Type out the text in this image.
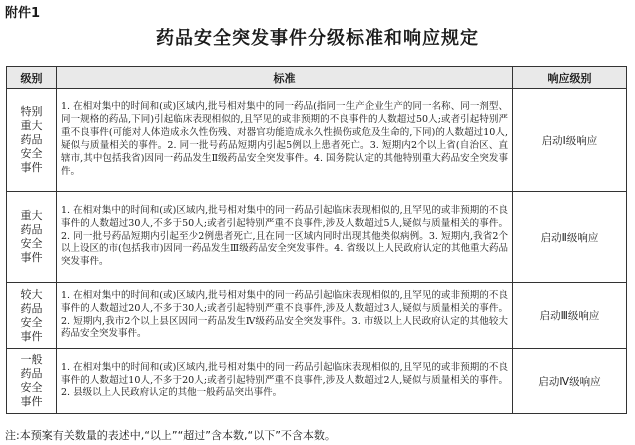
附件1
药品安全突发事件分级标准和响应规定
级别	标准	响应级别
特别重大药品安全事件	1. 在相对集中的时间和(或)区域内,批号相对集中的同一药品(指同一生产企业生产的同一名称、同一剂型、同一规格的药品,下同)引起临床表现相似的,且罕见的或非预期的不良事件的人数超过50人;或者引起特别严重不良事件(可能对人体造成永久性伤残、对器官功能造成永久性损伤或危及生命的,下同)的人数超过10人,疑似与质量相关的事件。2. 同一批号药品短期内引起5例以上患者死亡。3. 短期内2个以上省(自治区、直辖市,其中包括我省)因同一药品发生Ⅱ级药品安全突发事件。4. 国务院认定的其他特别重大药品安全突发事件。	启动Ⅰ级响应
重大药品安全事件	1. 在相对集中的时间和(或)区域内,批号相对集中的同一药品引起临床表现相似的,且罕见的或非预期的不良事件的人数超过30人,不多于50人;或者引起特别严重不良事件,涉及人数超过5人,疑似与质量相关的事件。2. 同一批号药品短期内引起至少2例患者死亡,且在同一区域内同时出现其他类似病例。3. 短期内,我省2个以上设区的市(包括我市)因同一药品发生Ⅲ级药品安全突发事件。4. 省级以上人民政府认定的其他重大药品突发事件。	启动Ⅱ级响应
较大药品安全事件	1. 在相对集中的时间和(或)区域内,批号相对集中的同一药品引起临床表现相似的,且罕见的或非预期的不良事件的人数超过20人,不多于30人;或者引起特别严重不良事件,涉及人数超过3人,疑似与质量相关的事件。2. 短期内,我市2个以上县区因同一药品发生Ⅳ级药品安全突发事件。3. 市级以上人民政府认定的其他较大药品安全突发事件。	启动Ⅲ级响应
一般药品安全事件	1. 在相对集中的时间和(或)区域内,批号相对集中的同一药品引起临床表现相似的,且罕见的或非预期的不良事件的人数超过10人,不多于20人;或者引起特别严重不良事件,涉及人数超过2人,疑似与质量相关的事件。2. 县级以上人民政府认定的其他一般药品突出事件。	启动Ⅳ级响应
注:本预案有关数量的表述中,“以上”“超过”含本数,“以下”不含本数。
